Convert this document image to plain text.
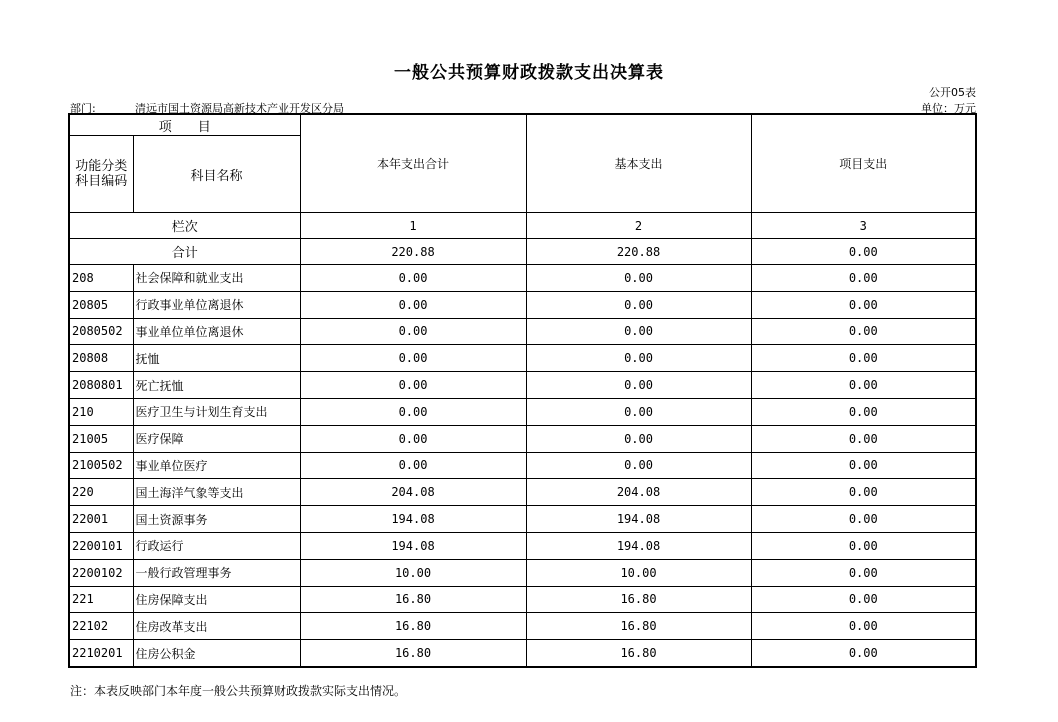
一般公共预算财政拨款支出决算表
公开05表
部门:	清远市国土资源局高新技术产业开发区分局	单位：万元
项　　目		本年支出合计	基本支出	项目支出

功能分类
科目编码	科目名称			
栏次		1	2	3
合计		220.88	220.88	0.00
208	社会保障和就业支出	0.00	0.00	0.00
20805	行政事业单位离退休	0.00	0.00	0.00
2080502	事业单位单位离退休	0.00	0.00	0.00
20808	抚恤	0.00	0.00	0.00
2080801	死亡抚恤	0.00	0.00	0.00
210	医疗卫生与计划生育支出	0.00	0.00	0.00
21005	医疗保障	0.00	0.00	0.00
2100502	事业单位医疗	0.00	0.00	0.00
220	国土海洋气象等支出	204.08	204.08	0.00
22001	国土资源事务	194.08	194.08	0.00
2200101	行政运行	194.08	194.08	0.00
2200102	一般行政管理事务	10.00	10.00	0.00
221	住房保障支出	16.80	16.80	0.00
22102	住房改革支出	16.80	16.80	0.00
2210201	住房公积金	16.80	16.80	0.00
注：本表反映部门本年度一般公共预算财政拨款实际支出情况。
